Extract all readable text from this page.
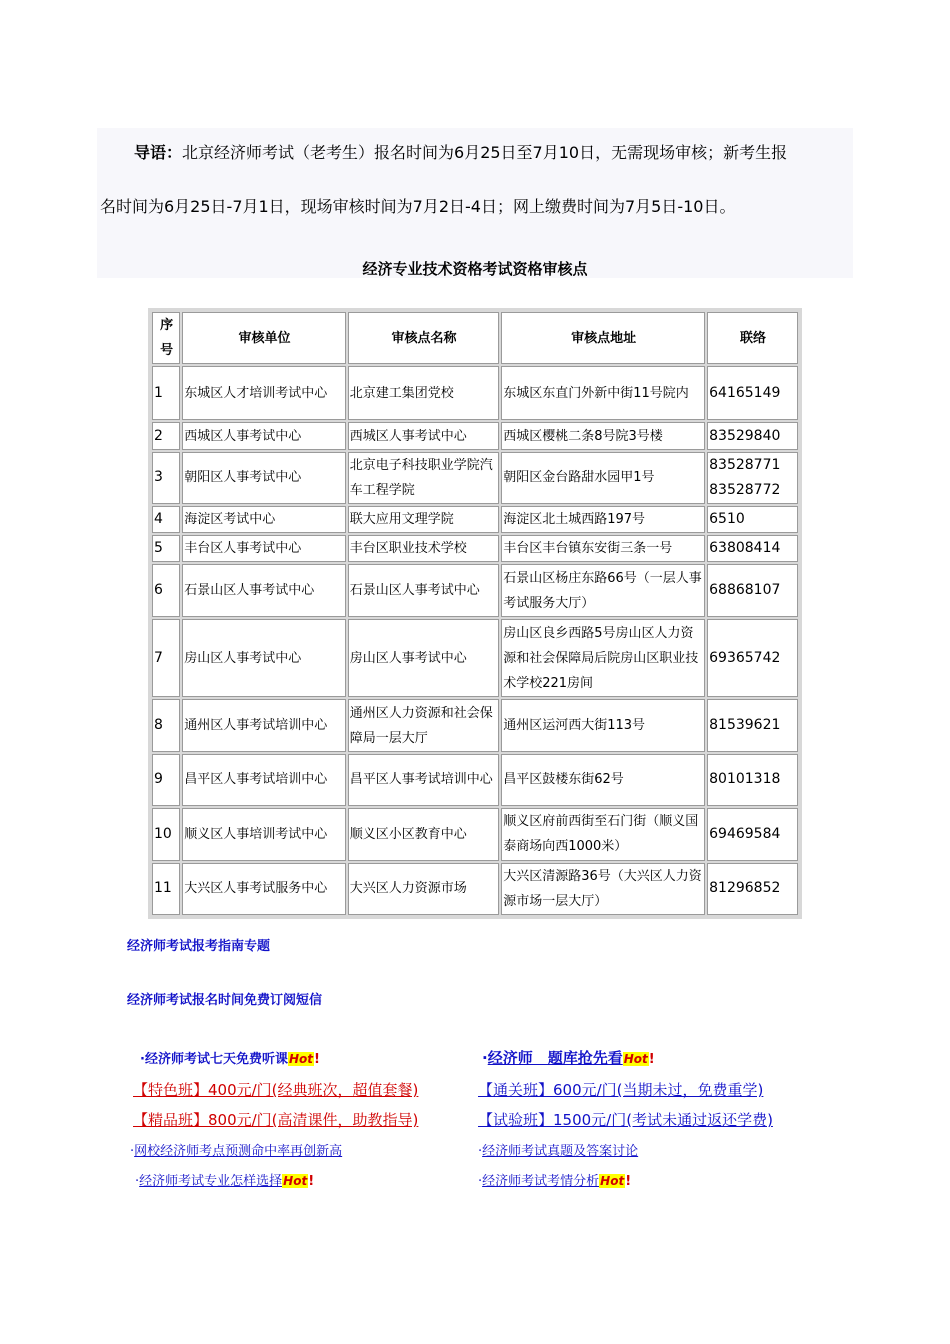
导语：北京经济师考试（老考生）报名时间为6月25日至7月10日，无需现场审核；新考生报
名时间为6月25日-7月1日，现场审核时间为7月2日-4日；网上缴费时间为7月5日-10日。
经济专业技术资格考试资格审核点
序号	审核单位	审核点名称	审核点地址	联络
1	东城区人才培训考试中心	北京建工集团党校	东城区东直门外新中街11号院内	64165149
2	西城区人事考试中心	西城区人事考试中心	西城区樱桃二条8号院3号楼	83529840
3	朝阳区人事考试中心	北京电子科技职业学院汽车工程学院	朝阳区金台路甜水园甲1号	83528771 83528772
4	海淀区考试中心	联大应用文理学院	海淀区北土城西路197号	6510
5	丰台区人事考试中心	丰台区职业技术学校	丰台区丰台镇东安街三条一号	63808414
6	石景山区人事考试中心	石景山区人事考试中心	石景山区杨庄东路66号（一层人事考试服务大厅）	68868107
7	房山区人事考试中心	房山区人事考试中心	房山区良乡西路5号房山区人力资源和社会保障局后院房山区职业技术学校221房间	69365742
8	通州区人事考试培训中心	通州区人力资源和社会保障局一层大厅	通州区运河西大街113号	81539621
9	昌平区人事考试培训中心	昌平区人事考试培训中心	昌平区鼓楼东街62号	80101318
10	顺义区人事培训考试中心	顺义区小区教育中心	顺义区府前西街至石门街（顺义国泰商场向西1000米）	69469584
11	大兴区人事考试服务中心	大兴区人力资源市场	大兴区清源路36号（大兴区人力资源市场一层大厅）	81296852
经济师考试报考指南专题
经济师考试报名时间免费订阅短信
·经济师考试七天免费听课Hot!	·经济师　题库抢先看Hot!
【特色班】400元/门(经典班次，超值套餐)	【通关班】600元/门(当期未过，免费重学)
【精品班】800元/门(高清课件，助教指导)	【试验班】1500元/门(考试未通过返还学费)
·网校经济师考点预测命中率再创新高	·经济师考试真题及答案讨论
·经济师考试专业怎样选择Hot!	·经济师考试考情分析Hot!
